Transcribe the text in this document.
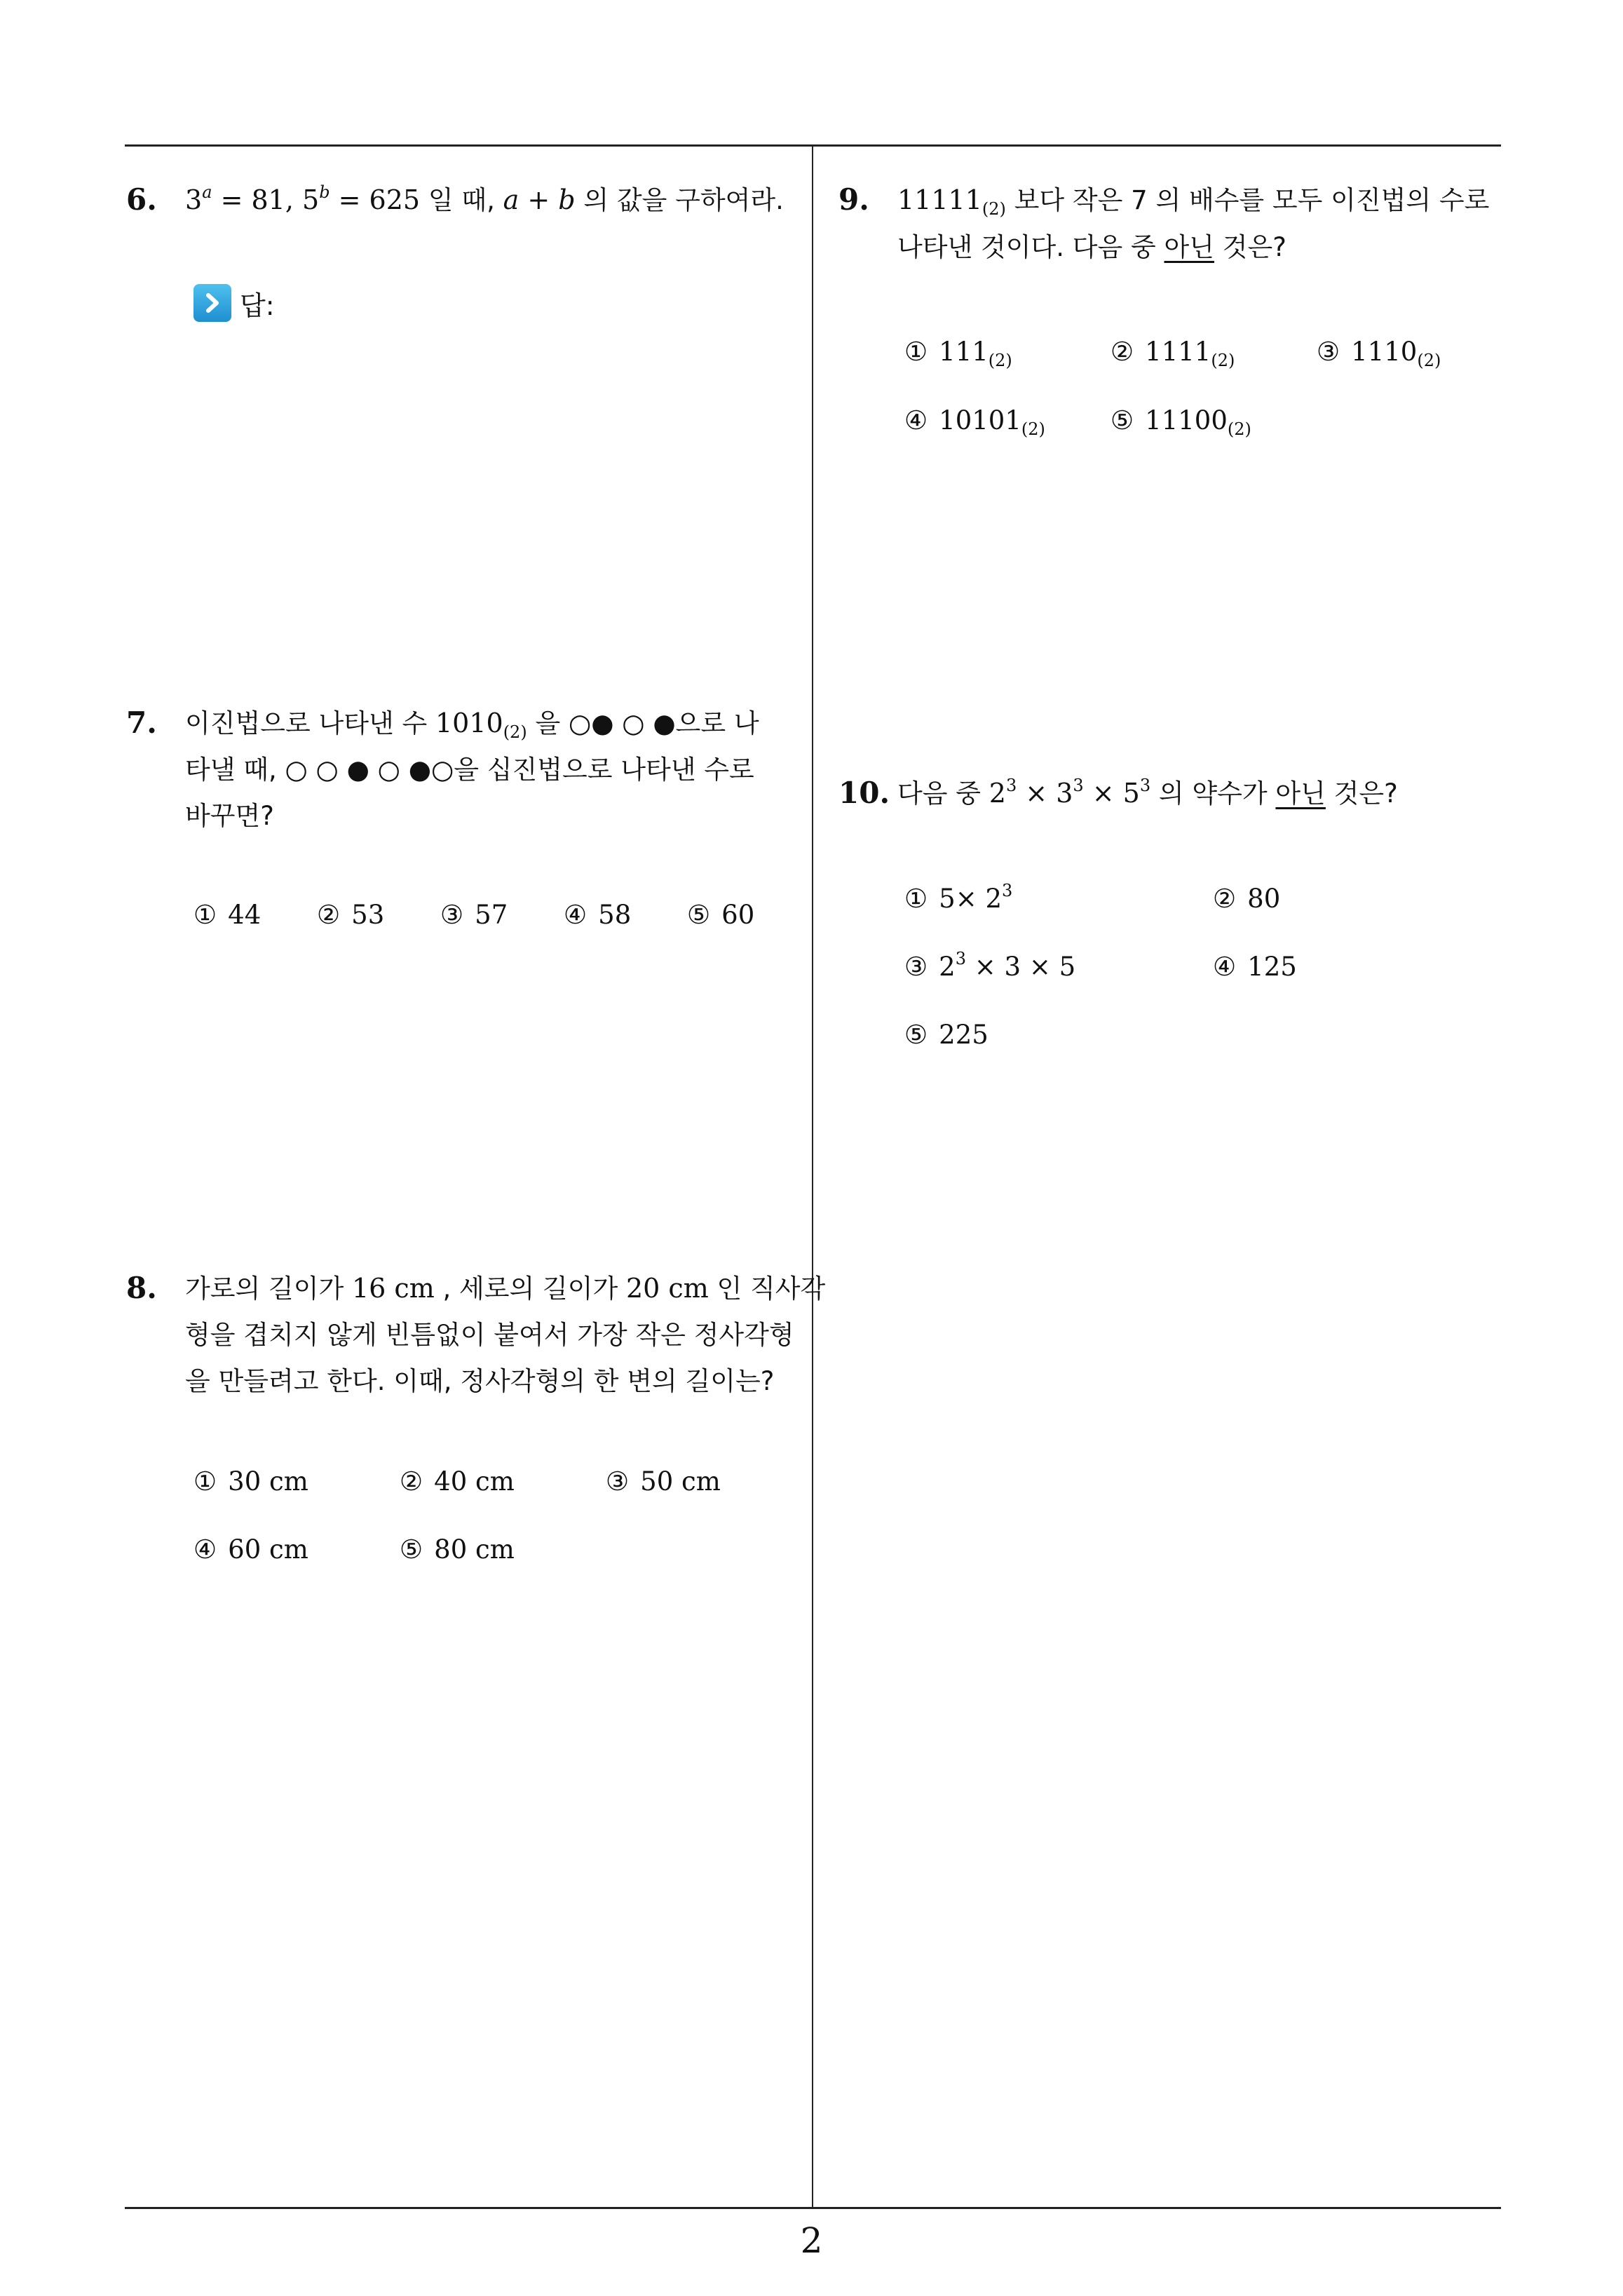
6. $3^a = 81$, $5^b = 625$ 일 때, a + b 의 값을 구하여라.
답:
7. 이진법으로 나타낸 수 $1010_{(2)}$ 을 ○● ○ ●으로 나
타낼 때, ○ ○ ● ○ ●○을 십진법으로 나타낸 수로
바꾸면?
① 44 ② 53 ③ 57 ④ 58 ⑤ 60
8. 가로의 길이가 16 cm , 세로의 길이가 20 cm 인 직사각
형을 겹치지 않게 빈틈없이 붙여서 가장 작은 정사각형
을 만들려고 한다. 이때, 정사각형의 한 변의 길이는?
① 30 cm	② 40 cm	③ 50 cm
④ 60 cm	⑤ 80 cm
9. $11111_{(2)}$ 보다 작은 7 의 배수를 모두 이진법의 수로
나타낸 것이다. 다음 중 아닌 것은?
① $111_{(2)}$	② $1111_{(2)}$	③ $1110_{(2)}$
④ $10101_{(2)}$	⑤ $11100_{(2)}$
10. 다음 중 $2^3 \times 3^3 \times 5^3$ 의 약수가 아닌 것은?
① $5\times 2^3$	② 80
③ $2^3 \times 3 \times 5$	④ 125
⑤ 225
2
